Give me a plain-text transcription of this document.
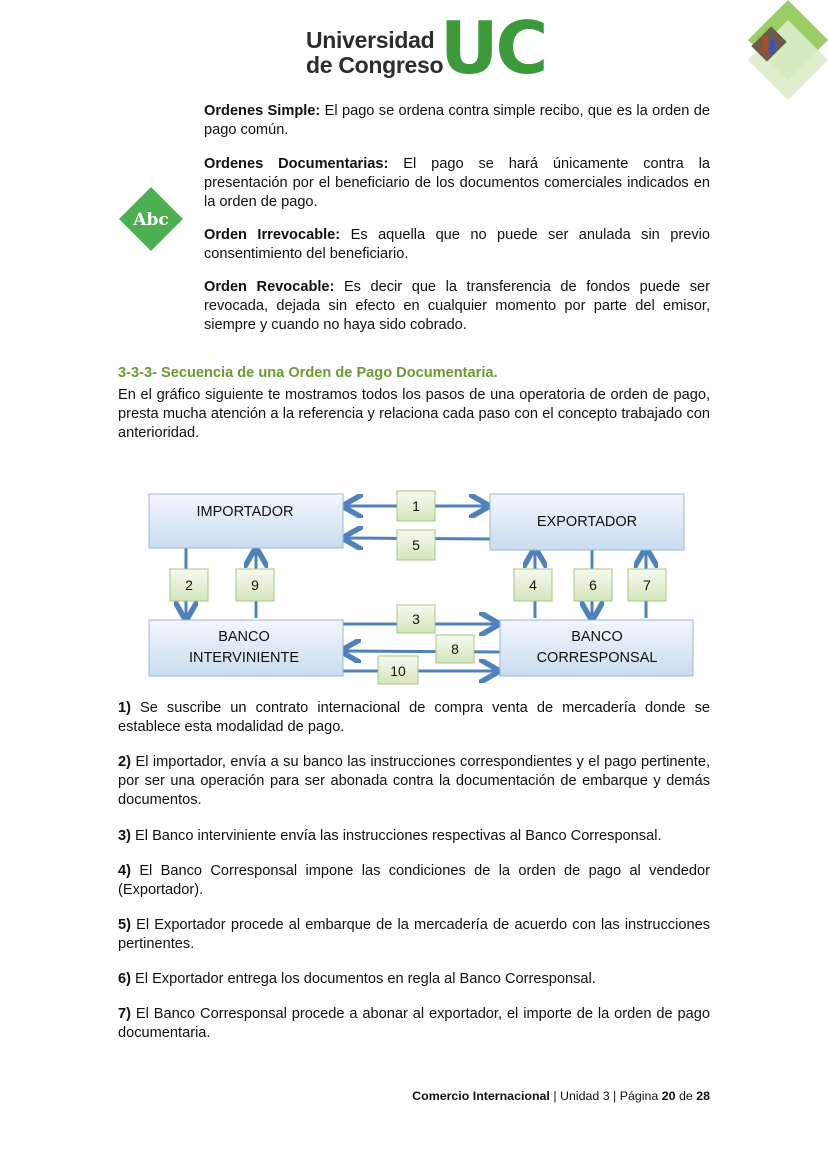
Universidad
de Congreso
UC
Abc

Ordenes Simple: El pago se ordena contra simple recibo, que es la orden de pago común.

Ordenes Documentarias: El pago se hará únicamente contra la presentación por el beneficiario de los documentos comerciales indicados en la orden de pago.

Orden Irrevocable: Es aquella que no puede ser anulada sin previo consentimiento del beneficiario.

Orden Revocable: Es decir que la transferencia de fondos puede ser revocada, dejada sin efecto en cualquier momento por parte del emisor, siempre y cuando no haya sido cobrado.

3-3-3- Secuencia de una Orden de Pago Documentaria.

En el gráfico siguiente te mostramos todos los pasos de una operatoria de orden de pago, presta mucha atención a la referencia y relaciona cada paso con el concepto trabajado con anterioridad.

IMPORTADOR
EXPORTADOR
BANCO
INTERVINIENTE
BANCO
CORRESPONSAL
1
5
2	9	4	6	7
3
8
10

1) Se suscribe un contrato internacional de compra venta de mercadería donde se establece esta modalidad de pago.

2) El importador, envía a su banco las instrucciones correspondientes y el pago pertinente, por ser una operación para ser abonada contra la documentación de embarque y demás documentos.

3) El Banco interviniente envía las instrucciones respectivas al Banco Corresponsal.

4) El Banco Corresponsal impone las condiciones de la orden de pago al vendedor (Exportador).

5) El Exportador procede al embarque de la mercadería de acuerdo con las instrucciones pertinentes.

6) El Exportador entrega los documentos en regla al Banco Corresponsal.

7) El Banco Corresponsal procede a abonar al exportador, el importe de la orden de pago documentaria.

Comercio Internacional | Unidad 3 | Página 20 de 28
